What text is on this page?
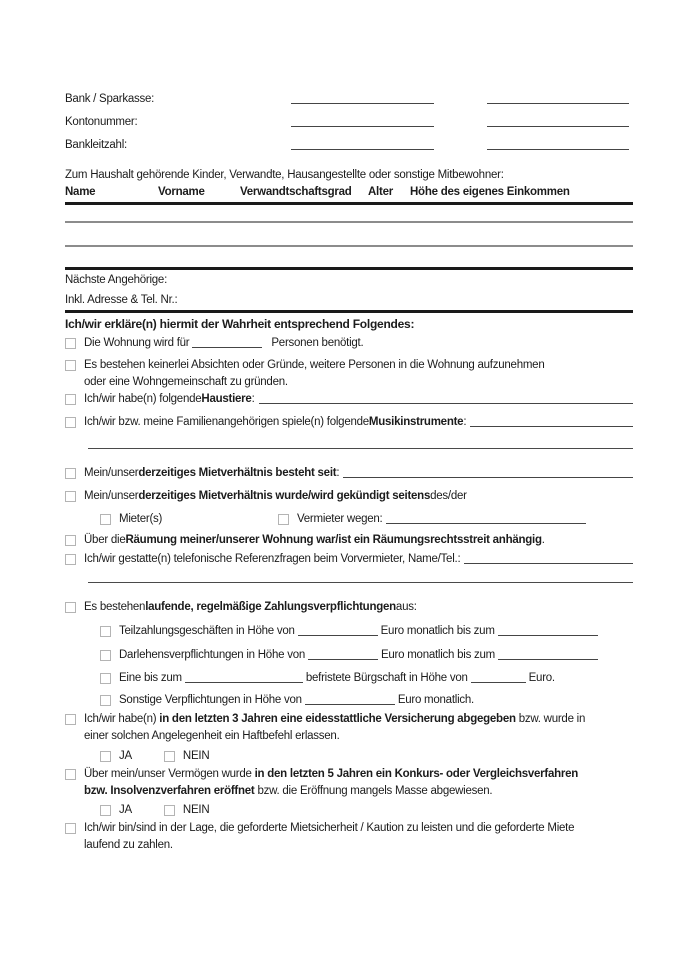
Bank / Sparkasse:
Kontonummer:
Bankleitzahl:
Zum Haushalt gehörende Kinder, Verwandte, Hausangestellte oder sonstige Mitbewohner:
Name	Vorname	Verwandtschaftsgrad	Alter	Höhe des eigenes Einkommen
Nächste Angehörige:
Inkl. Adresse & Tel. Nr.:
Ich/wir erkläre(n) hiermit der Wahrheit entsprechend Folgendes:
Die Wohnung wird für	Personen benötigt.
Es bestehen keinerlei Absichten oder Gründe, weitere Personen in die Wohnung aufzunehmen
oder eine Wohngemeinschaft zu gründen.
Ich/wir habe(n) folgende Haustiere :
Ich/wir bzw. meine Familienangehörigen spiele(n) folgende Musikinstrumente :
Mein/unser derzeitiges Mietverhältnis besteht seit :
Mein/unser derzeitiges Mietverhältnis wurde/wird gekündigt seitens des/der
Mieter(s)	Vermieter wegen:
Über die Räumung meiner/unserer Wohnung war/ist ein Räumungsrechtsstreit anhängig .
Ich/wir gestatte(n) telefonische Referenzfragen beim Vorvermieter, Name/Tel.:
Es bestehen laufende, regelmäßige Zahlungsverpflichtungen aus:
Teilzahlungsgeschäften in Höhe von	Euro monatlich bis zum
Darlehensverpflichtungen in Höhe von	Euro monatlich bis zum
Eine bis zum	befristete Bürgschaft in Höhe von	Euro.
Sonstige Verpflichtungen in Höhe von	Euro monatlich.
Ich/wir habe(n) in den letzten 3 Jahren eine eidesstattliche Versicherung abgegeben bzw. wurde in
einer solchen Angelegenheit ein Haftbefehl erlassen.
JA	NEIN
Über mein/unser Vermögen wurde in den letzten 5 Jahren ein Konkurs- oder Vergleichsverfahren
bzw. Insolvenzverfahren eröffnet bzw. die Eröffnung mangels Masse abgewiesen.
JA	NEIN
Ich/wir bin/sind in der Lage, die geforderte Mietsicherheit / Kaution zu leisten und die geforderte Miete
laufend zu zahlen.
